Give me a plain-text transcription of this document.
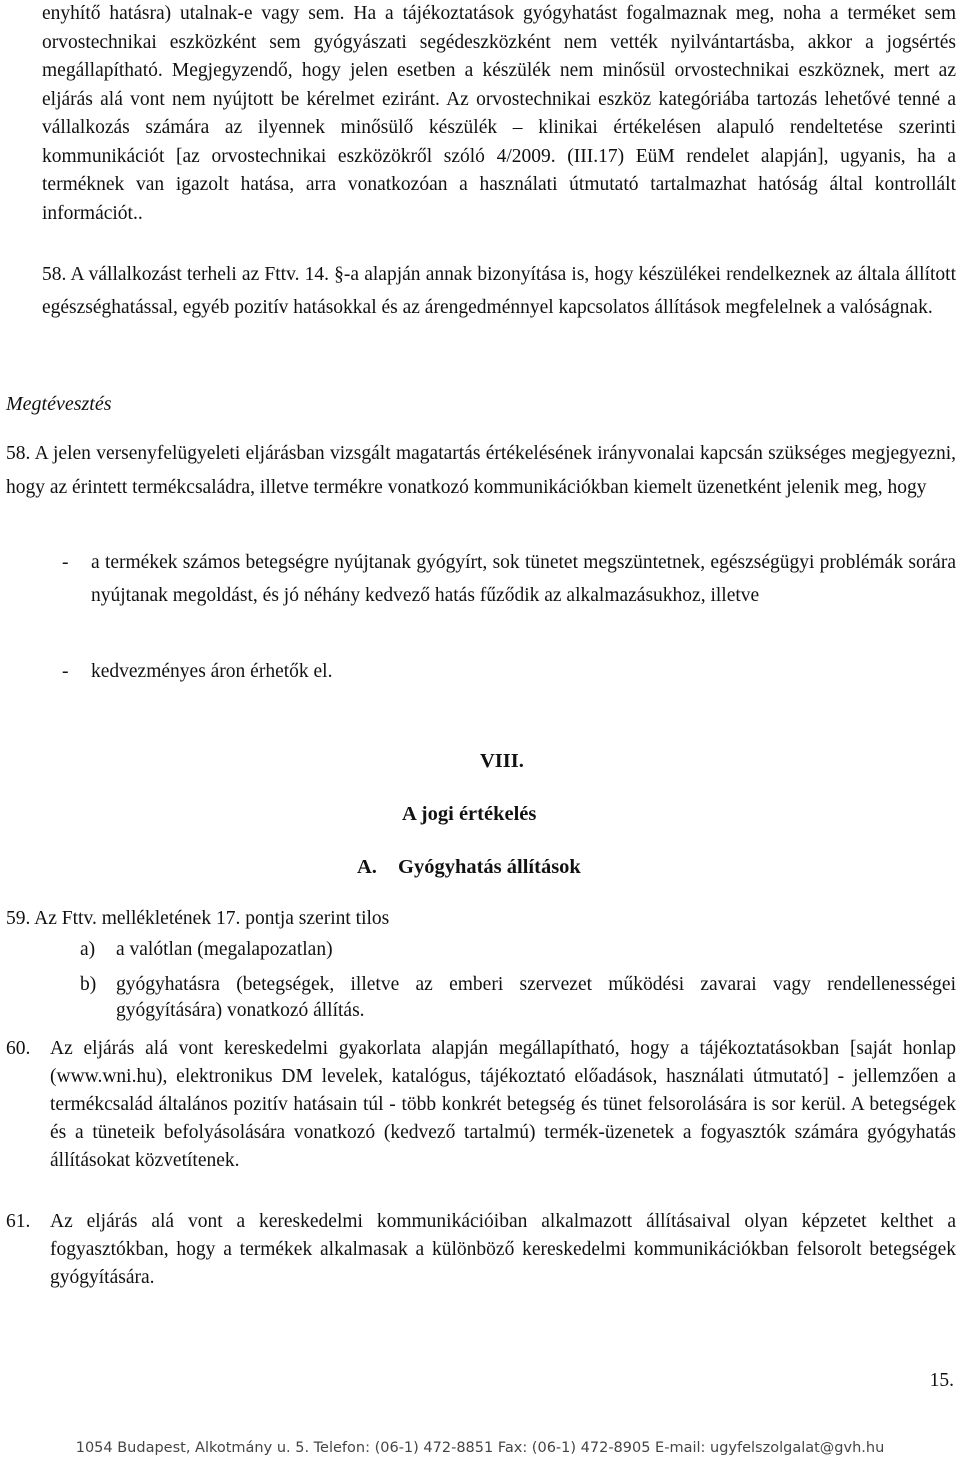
enyhítő hatásra) utalnak-e vagy sem. Ha a tájékoztatások gyógyhatást fogalmaznak meg, noha a terméket sem orvostechnikai eszközként sem gyógyászati segédeszközként nem vették nyilvántartásba, akkor a jogsértés megállapítható. Megjegyzendő, hogy jelen esetben a készülék nem minősül orvostechnikai eszköznek, mert az eljárás alá vont nem nyújtott be kérelmet eziránt. Az orvostechnikai eszköz kategóriába tartozás lehetővé tenné a vállalkozás számára az ilyennek minősülő készülék – klinikai értékelésen alapuló rendeltetése szerinti kommunikációt [az orvostechnikai eszközökről szóló 4/2009. (III.17) EüM rendelet alapján], ugyanis, ha a terméknek van igazolt hatása, arra vonatkozóan a használati útmutató tartalmazhat hatóság által kontrollált információt..

58. A vállalkozást terheli az Fttv. 14. §-a alapján annak bizonyítása is, hogy készülékei rendelkeznek az általa állított egészséghatással, egyéb pozitív hatásokkal és az árengedménnyel kapcsolatos állítások megfelelnek a valóságnak.

Megtévesztés

58. A jelen versenyfelügyeleti eljárásban vizsgált magatartás értékelésének irányvonalai kapcsán szükséges megjegyezni, hogy az érintett termékcsaládra, illetve termékre vonatkozó kommunikációkban kiemelt üzenetként jelenik meg, hogy

- a termékek számos betegségre nyújtanak gyógyírt, sok tünetet megszüntetnek, egészségügyi problémák sorára nyújtanak megoldást, és jó néhány kedvező hatás fűződik az alkalmazásukhoz, illetve
- kedvezményes áron érhetők el.

VIII.

A jogi értékelés

A. Gyógyhatás állítások

59. Az Fttv. mellékletének 17. pontja szerint tilos
a) a valótlan (megalapozatlan)
b) gyógyhatásra (betegségek, illetve az emberi szervezet működési zavarai vagy rendellenességei gyógyítására) vonatkozó állítás.
60. Az eljárás alá vont kereskedelmi gyakorlata alapján megállapítható, hogy a tájékoztatásokban [saját honlap (www.wni.hu), elektronikus DM levelek, katalógus, tájékoztató előadások, használati útmutató] - jellemzően a termékcsalád általános pozitív hatásain túl - több konkrét betegség és tünet felsorolására is sor kerül. A betegségek és a tüneteik befolyásolására vonatkozó (kedvező tartalmú) termék-üzenetek a fogyasztók számára gyógyhatás állításokat közvetítenek.
61. Az eljárás alá vont a kereskedelmi kommunikációiban alkalmazott állításaival olyan képzetet kelthet a fogyasztókban, hogy a termékek alkalmasak a különböző kereskedelmi kommunikációkban felsorolt betegségek gyógyítására.
15.
1054 Budapest, Alkotmány u. 5. Telefon: (06-1) 472-8851 Fax: (06-1) 472-8905 E-mail: ugyfelszolgalat@gvh.hu
